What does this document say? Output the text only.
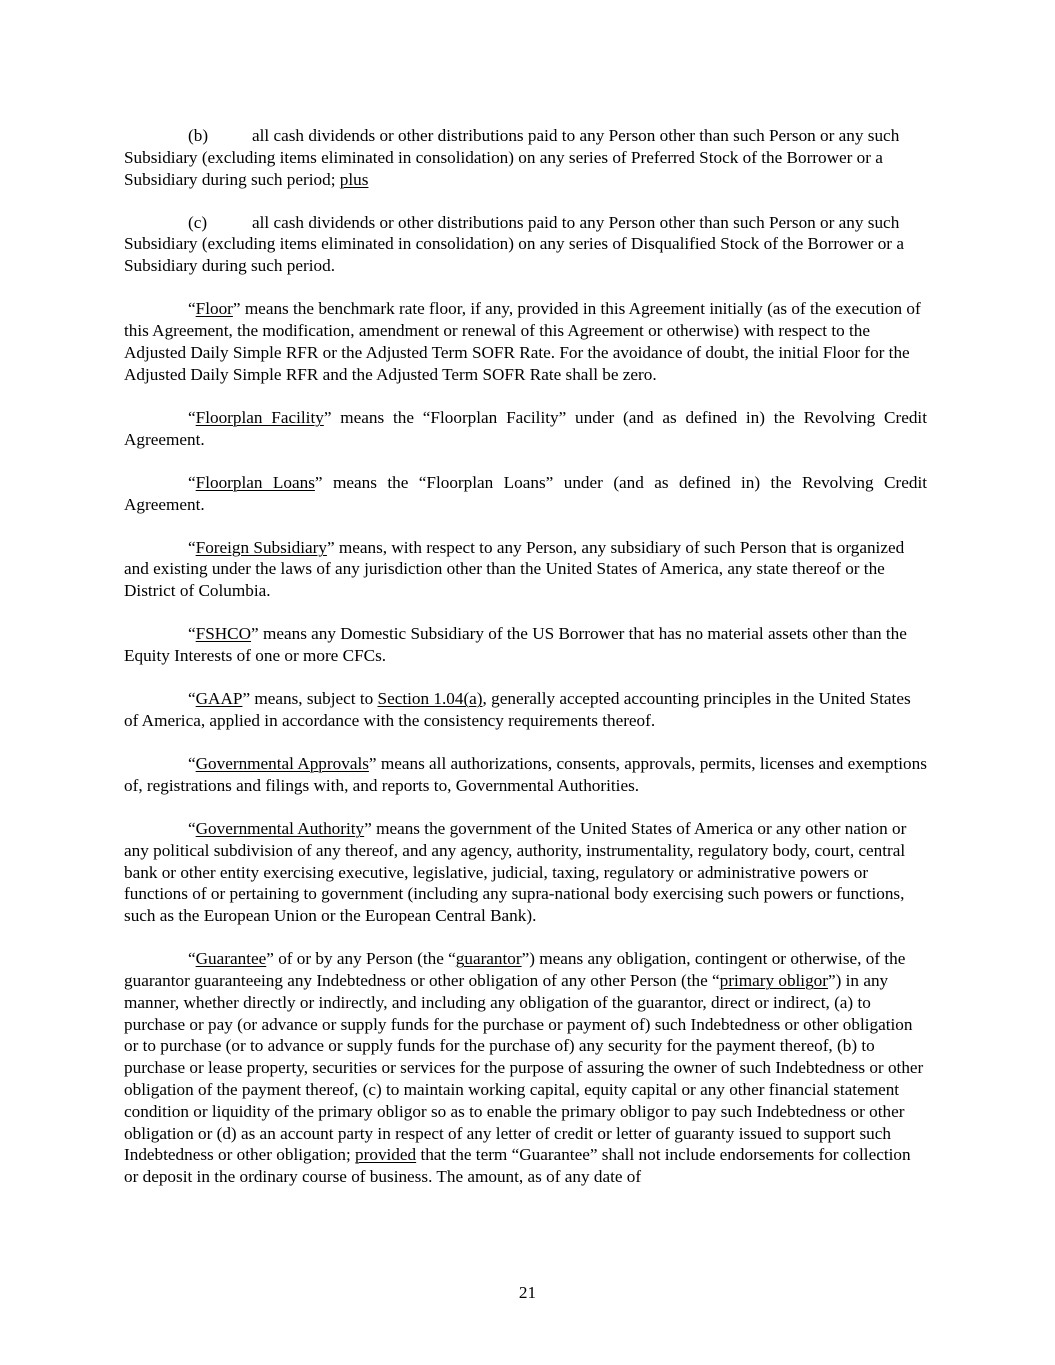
(b)	all cash dividends or other distributions paid to any Person other than such Person or any such Subsidiary (excluding items eliminated in consolidation) on any series of Preferred Stock of the Borrower or a Subsidiary during such period; plus

(c)	all cash dividends or other distributions paid to any Person other than such Person or any such Subsidiary (excluding items eliminated in consolidation) on any series of Disqualified Stock of the Borrower or a Subsidiary during such period.

“Floor” means the benchmark rate floor, if any, provided in this Agreement initially (as of the execution of this Agreement, the modification, amendment or renewal of this Agreement or otherwise) with respect to the Adjusted Daily Simple RFR or the Adjusted Term SOFR Rate. For the avoidance of doubt, the initial Floor for the Adjusted Daily Simple RFR and the Adjusted Term SOFR Rate shall be zero.

“Floorplan Facility” means the “Floorplan Facility” under (and as defined in) the Revolving Credit Agreement.

“Floorplan Loans” means the “Floorplan Loans” under (and as defined in) the Revolving Credit Agreement.

“Foreign Subsidiary” means, with respect to any Person, any subsidiary of such Person that is organized and existing under the laws of any jurisdiction other than the United States of America, any state thereof or the District of Columbia.

“FSHCO” means any Domestic Subsidiary of the US Borrower that has no material assets other than the Equity Interests of one or more CFCs.

“GAAP” means, subject to Section 1.04(a), generally accepted accounting principles in the United States of America, applied in accordance with the consistency requirements thereof.

“Governmental Approvals” means all authorizations, consents, approvals, permits, licenses and exemptions of, registrations and filings with, and reports to, Governmental Authorities.

“Governmental Authority” means the government of the United States of America or any other nation or any political subdivision of any thereof, and any agency, authority, instrumentality, regulatory body, court, central bank or other entity exercising executive, legislative, judicial, taxing, regulatory or administrative powers or functions of or pertaining to government (including any supra-national body exercising such powers or functions, such as the European Union or the European Central Bank).

“Guarantee” of or by any Person (the “guarantor”) means any obligation, contingent or otherwise, of the guarantor guaranteeing any Indebtedness or other obligation of any other Person (the “primary obligor”) in any manner, whether directly or indirectly, and including any obligation of the guarantor, direct or indirect, (a) to purchase or pay (or advance or supply funds for the purchase or payment of) such Indebtedness or other obligation or to purchase (or to advance or supply funds for the purchase of) any security for the payment thereof, (b) to purchase or lease property, securities or services for the purpose of assuring the owner of such Indebtedness or other obligation of the payment thereof, (c) to maintain working capital, equity capital or any other financial statement condition or liquidity of the primary obligor so as to enable the primary obligor to pay such Indebtedness or other obligation or (d) as an account party in respect of any letter of credit or letter of guaranty issued to support such Indebtedness or other obligation; provided that the term “Guarantee” shall not include endorsements for collection or deposit in the ordinary course of business. The amount, as of any date of

21
